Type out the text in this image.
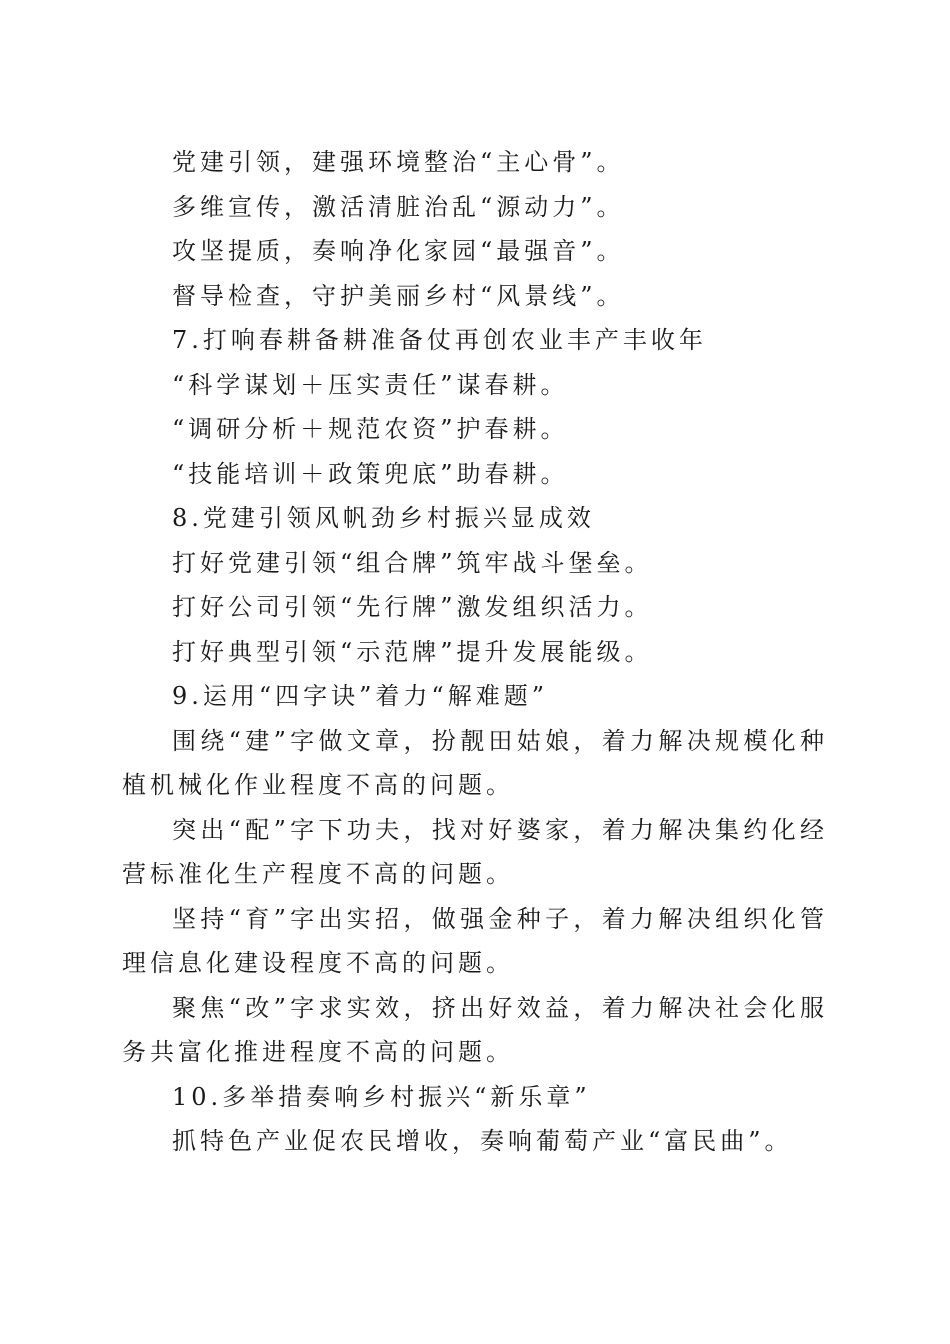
党建引领，建强环境整治“主心骨”。

多维宣传，激活清脏治乱“源动力”。

攻坚提质，奏响净化家园“最强音”。

督导检查，守护美丽乡村“风景线”。

7.打响春耕备耕准备仗再创农业丰产丰收年

“科学谋划＋压实责任”谋春耕。

“调研分析＋规范农资”护春耕。

“技能培训＋政策兜底”助春耕。

8.党建引领风帆劲乡村振兴显成效

打好党建引领“组合牌”筑牢战斗堡垒。

打好公司引领“先行牌”激发组织活力。

打好典型引领“示范牌”提升发展能级。

9.运用“四字诀”着力“解难题”

围绕“建”字做文章，扮靓田姑娘，着力解决规模化种植机械化作业程度不高的问题。

突出“配”字下功夫，找对好婆家，着力解决集约化经营标准化生产程度不高的问题。

坚持“育”字出实招，做强金种子，着力解决组织化管理信息化建设程度不高的问题。

聚焦“改”字求实效，挤出好效益，着力解决社会化服务共富化推进程度不高的问题。

10.多举措奏响乡村振兴“新乐章”

抓特色产业促农民增收，奏响葡萄产业“富民曲”。
